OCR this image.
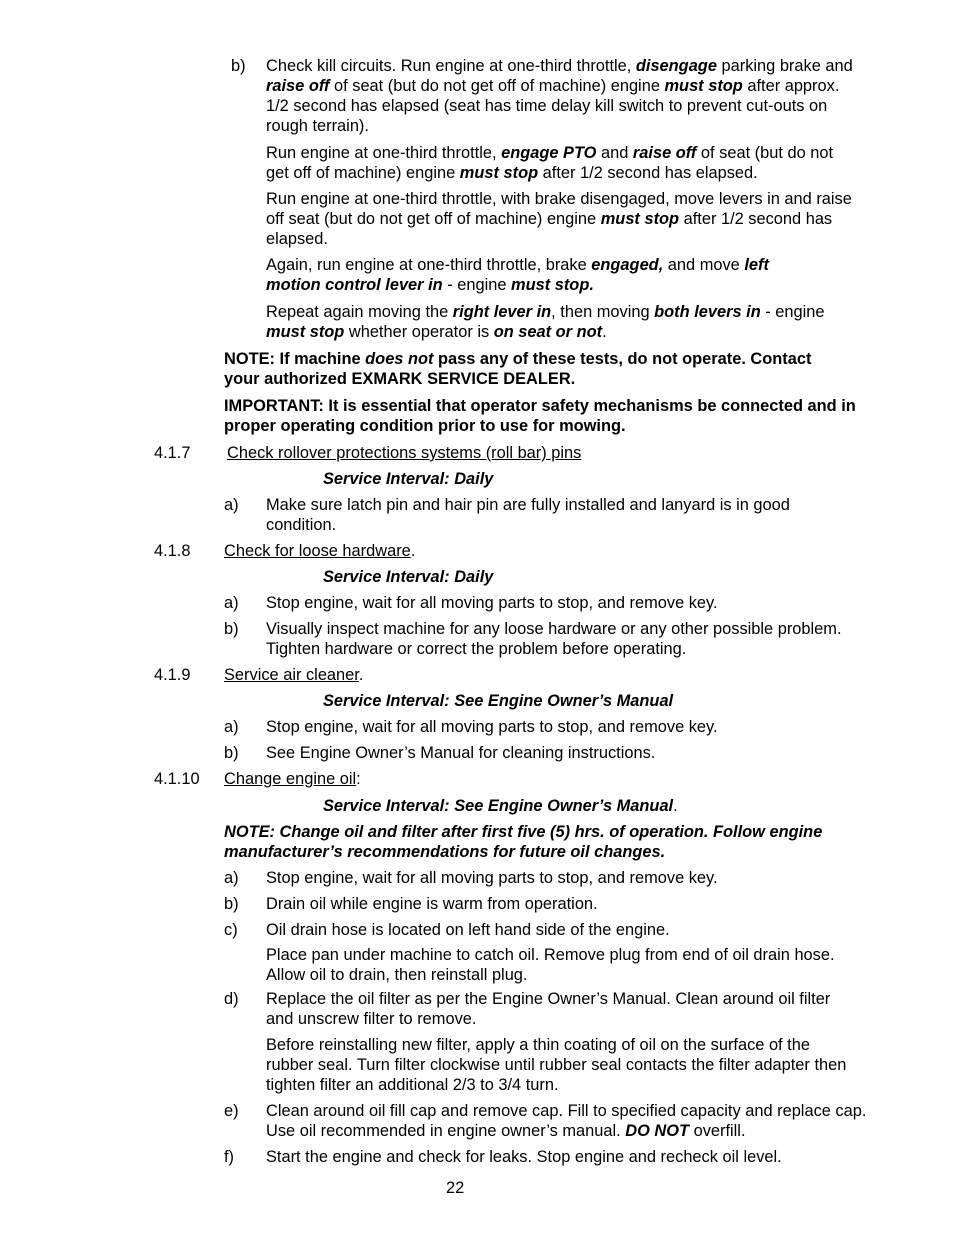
b) Check kill circuits. Run engine at one-third throttle, disengage parking brake and raise off of seat (but do not get off of machine) engine must stop after approx. 1/2 second has elapsed (seat has time delay kill switch to prevent cut-outs on rough terrain).

Run engine at one-third throttle, engage PTO and raise off of seat (but do not get off of machine) engine must stop after 1/2 second has elapsed.

Run engine at one-third throttle, with brake disengaged, move levers in and raise off seat (but do not get off of machine) engine must stop after 1/2 second has elapsed.

Again, run engine at one-third throttle, brake engaged, and move left motion control lever in - engine must stop.

Repeat again moving the right lever in, then moving both levers in - engine must stop whether operator is on seat or not.

NOTE: If machine does not pass any of these tests, do not operate. Contact your authorized EXMARK SERVICE DEALER.

IMPORTANT: It is essential that operator safety mechanisms be connected and in proper operating condition prior to use for mowing.

4.1.7 Check rollover protections systems (roll bar) pins
Service Interval: Daily
a) Make sure latch pin and hair pin are fully installed and lanyard is in good condition.

4.1.8 Check for loose hardware.
Service Interval: Daily
a) Stop engine, wait for all moving parts to stop, and remove key.

b) Visually inspect machine for any loose hardware or any other possible problem. Tighten hardware or correct the problem before operating.

4.1.9 Service air cleaner.
Service Interval: See Engine Owner’s Manual
a) Stop engine, wait for all moving parts to stop, and remove key.

b) See Engine Owner’s Manual for cleaning instructions.

4.1.10 Change engine oil:
Service Interval: See Engine Owner’s Manual.

NOTE: Change oil and filter after first five (5) hrs. of operation. Follow engine manufacturer’s recommendations for future oil changes.

a) Stop engine, wait for all moving parts to stop, and remove key.

b) Drain oil while engine is warm from operation.

c) Oil drain hose is located on left hand side of the engine.

Place pan under machine to catch oil. Remove plug from end of oil drain hose. Allow oil to drain, then reinstall plug.

d) Replace the oil filter as per the Engine Owner’s Manual. Clean around oil filter and unscrew filter to remove.

Before reinstalling new filter, apply a thin coating of oil on the surface of the rubber seal. Turn filter clockwise until rubber seal contacts the filter adapter then tighten filter an additional 2/3 to 3/4 turn.

e) Clean around oil fill cap and remove cap. Fill to specified capacity and replace cap. Use oil recommended in engine owner’s manual. DO NOT overfill.

f) Start the engine and check for leaks. Stop engine and recheck oil level.

22
